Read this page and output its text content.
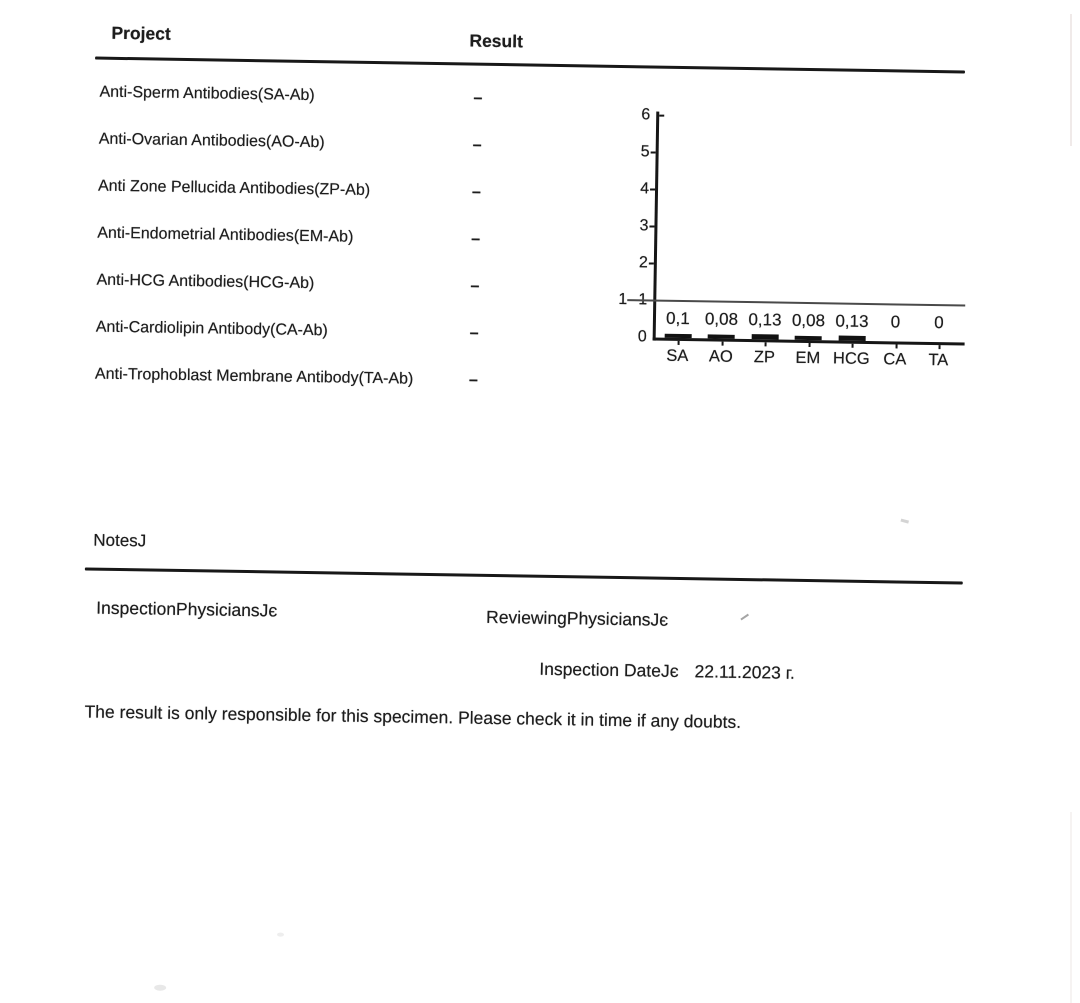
Project	Result
Anti-Sperm Antibodies(SA-Ab)	–
Anti-Ovarian Antibodies(AO-Ab)	–
Anti Zone Pellucida Antibodies(ZP-Ab)	–
Anti-Endometrial Antibodies(EM-Ab)	–
Anti-HCG Antibodies(HCG-Ab)	–
Anti-Cardiolipin Antibody(CA-Ab)	–
Anti-Trophoblast Membrane Antibody(TA-Ab)	–
0
2
3
4
5
6
1
0,1
SA
0,08
AO
0,13
ZP
0,08
EM
0,13
HCG
0
CA
0
TA
NotesJ
InspectionPhysiciansJє	ReviewingPhysiciansJє
Inspection DateJє 22.11.2023 г.
The result is only responsible for this specimen. Please check it in time if any doubts.
